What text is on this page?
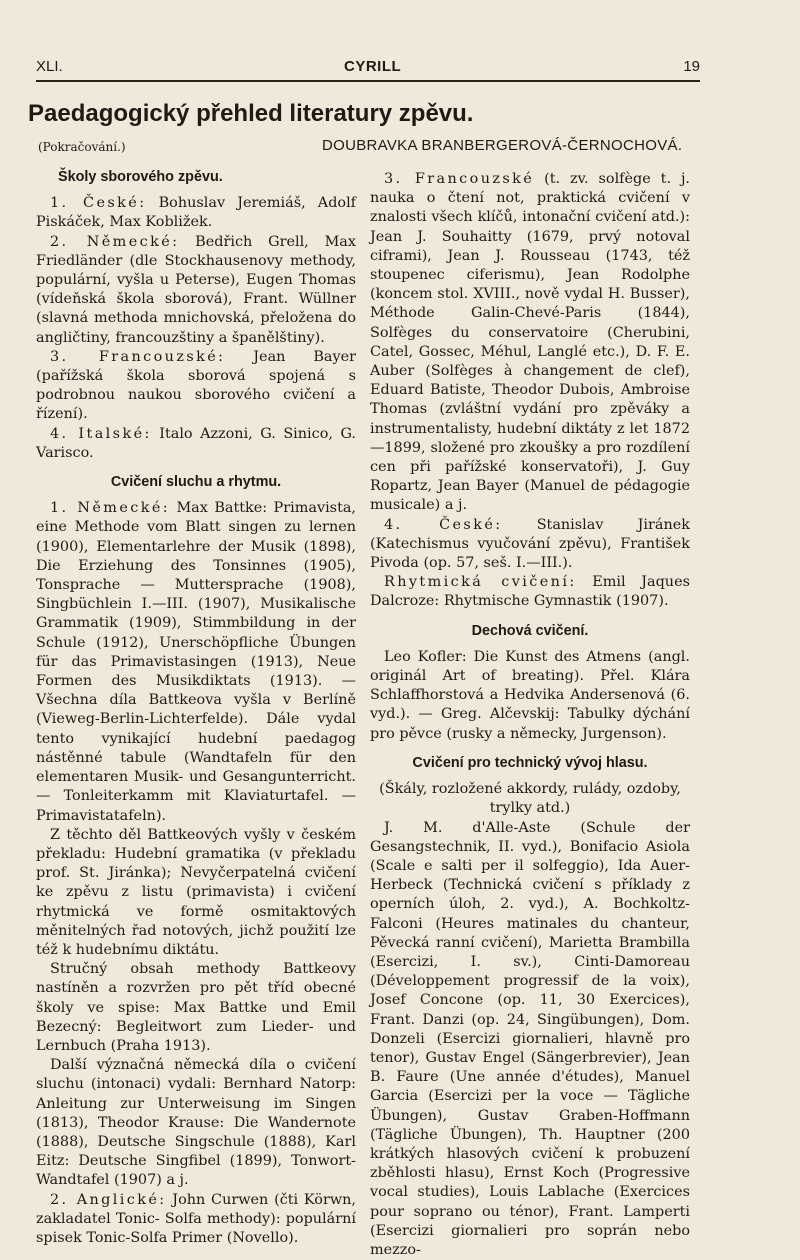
XLI.	CYRILL	19
Paedagogický přehled literatury zpěvu.
(Pokračování.)	DOUBRAVKA BRANBERGEROVÁ-ČERNOCHOVÁ.
Školy sborového zpěvu.

1. České: Bohuslav Jeremiáš, Adolf Piskáček, Max Kobližek.

2. Německé: Bedřich Grell, Max Friedländer (dle Stockhausenovy methody, populární, vyšla u Peterse), Eugen Thomas (vídeňská škola sborová), Frant. Wüllner (slavná methoda mnichovská, přeložena do angličtiny, francouzštiny a španělštiny).

3. Francouzské: Jean Bayer (pařížská škola sborová spojená s podrobnou naukou sborového cvičení a řízení).

4. Italské: Italo Azzoni, G. Sinico, G. Varisco.

Cvičení sluchu a rhytmu.

1. Německé: Max Battke: Primavista, eine Methode vom Blatt singen zu lernen (1900), Elementarlehre der Musik (1898), Die Erziehung des Tonsinnes (1905), Tonsprache — Muttersprache (1908), Singbüchlein I.—III. (1907), Musikalische Grammatik (1909), Stimmbildung in der Schule (1912), Unerschöpfliche Übungen für das Primavistasingen (1913), Neue Formen des Musikdiktats (1913). — Všechna díla Battkeova vyšla v Berlíně (Vieweg-Berlin-Lichterfelde). Dále vydal tento vynikající hudební paedagog nástěnné tabule (Wandtafeln für den elementaren Musik- und Gesangunterricht. — Tonleiterkamm mit Klaviaturtafel. — Primavistatafeln).

Z těchto děl Battkeových vyšly v českém překladu: Hudební gramatika (v překladu prof. St. Jiránka); Nevyčerpatelná cvičení ke zpěvu z listu (primavista) i cvičení rhytmická ve formě osmitaktových měnitelných řad notových, jichž použití lze též k hudebnímu diktátu.

Stručný obsah methody Battkeovy nastíněn a rozvržen pro pět tříd obecné školy ve spise: Max Battke und Emil Bezecný: Begleitwort zum Lieder- und Lernbuch (Praha 1913).

Další význačná německá díla o cvičení sluchu (intonaci) vydali: Bernhard Natorp: Anleitung zur Unterweisung im Singen (1813), Theodor Krause: Die Wandernote (1888), Deutsche Singschule (1888), Karl Eitz: Deutsche Singfibel (1899), Tonwort-Wandtafel (1907) a j.

2. Anglické: John Curwen (čti Körwn, zakladatel Tonic- Solfa methody): populární spisek Tonic-Solfa Primer (Novello).

3. Francouzské (t. zv. solfège t. j. nauka o čtení not, praktická cvičení v znalosti všech klíčů, intonační cvičení atd.): Jean J. Souhaitty (1679, prvý notoval ciframi), Jean J. Rousseau (1743, též stoupenec ciferismu), Jean Rodolphe (koncem stol. XVIII., nově vydal H. Busser), Méthode Galin-Chevé-Paris (1844), Solfèges du conservatoire (Cherubini, Catel, Gossec, Méhul, Langlé etc.), D. F. E. Auber (Solfèges à changement de clef), Eduard Batiste, Theodor Dubois, Ambroise Thomas (zvláštní vydání pro zpěváky a instrumentalisty, hudební diktáty z let 1872—1899, složené pro zkoušky a pro rozdílení cen při pařížské konservatoři), J. Guy Ropartz, Jean Bayer (Manuel de pédagogie musicale) a j.

4. České: Stanislav Jiránek (Katechismus vyučování zpěvu), František Pivoda (op. 57, seš. I.—III.).

Rhytmická cvičení: Emil Jaques Dalcroze: Rhytmische Gymnastik (1907).

Dechová cvičení.

Leo Kofler: Die Kunst des Atmens (angl. originál Art of breating). Přel. Klára Schlaffhorstová a Hedvika Andersenová (6. vyd.). — Greg. Alčevskij: Tabulky dýchání pro pěvce (rusky a německy, Jurgenson).

Cvičení pro technický vývoj hlasu.

(Škály, rozložené akkordy, rulády, ozdoby, trylky atd.)

J. M. d'Alle-Aste (Schule der Gesangstechnik, II. vyd.), Bonifacio Asiola (Scale e salti per il solfeggio), Ida Auer-Herbeck (Technická cvičení s příklady z operních úloh, 2. vyd.), A. Bochkoltz-Falconi (Heures matinales du chanteur, Pěvecká ranní cvičení), Marietta Brambilla (Esercizi, I. sv.), Cinti-Damoreau (Développement progressif de la voix), Josef Concone (op. 11, 30 Exercices), Frant. Danzi (op. 24, Singübungen), Dom. Donzeli (Esercizi giornalieri, hlavně pro tenor), Gustav Engel (Sängerbrevier), Jean B. Faure (Une année d'études), Manuel Garcia (Esercizi per la voce — Tägliche Übungen), Gustav Graben-Hoffmann (Tägliche Übungen), Th. Hauptner (200 krátkých hlasových cvičení k probuzení zběhlosti hlasu), Ernst Koch (Progressive vocal studies), Louis Lablache (Exercices pour soprano ou ténor), Frant. Lamperti (Esercizi giornalieri pro soprán nebo mezzo-
